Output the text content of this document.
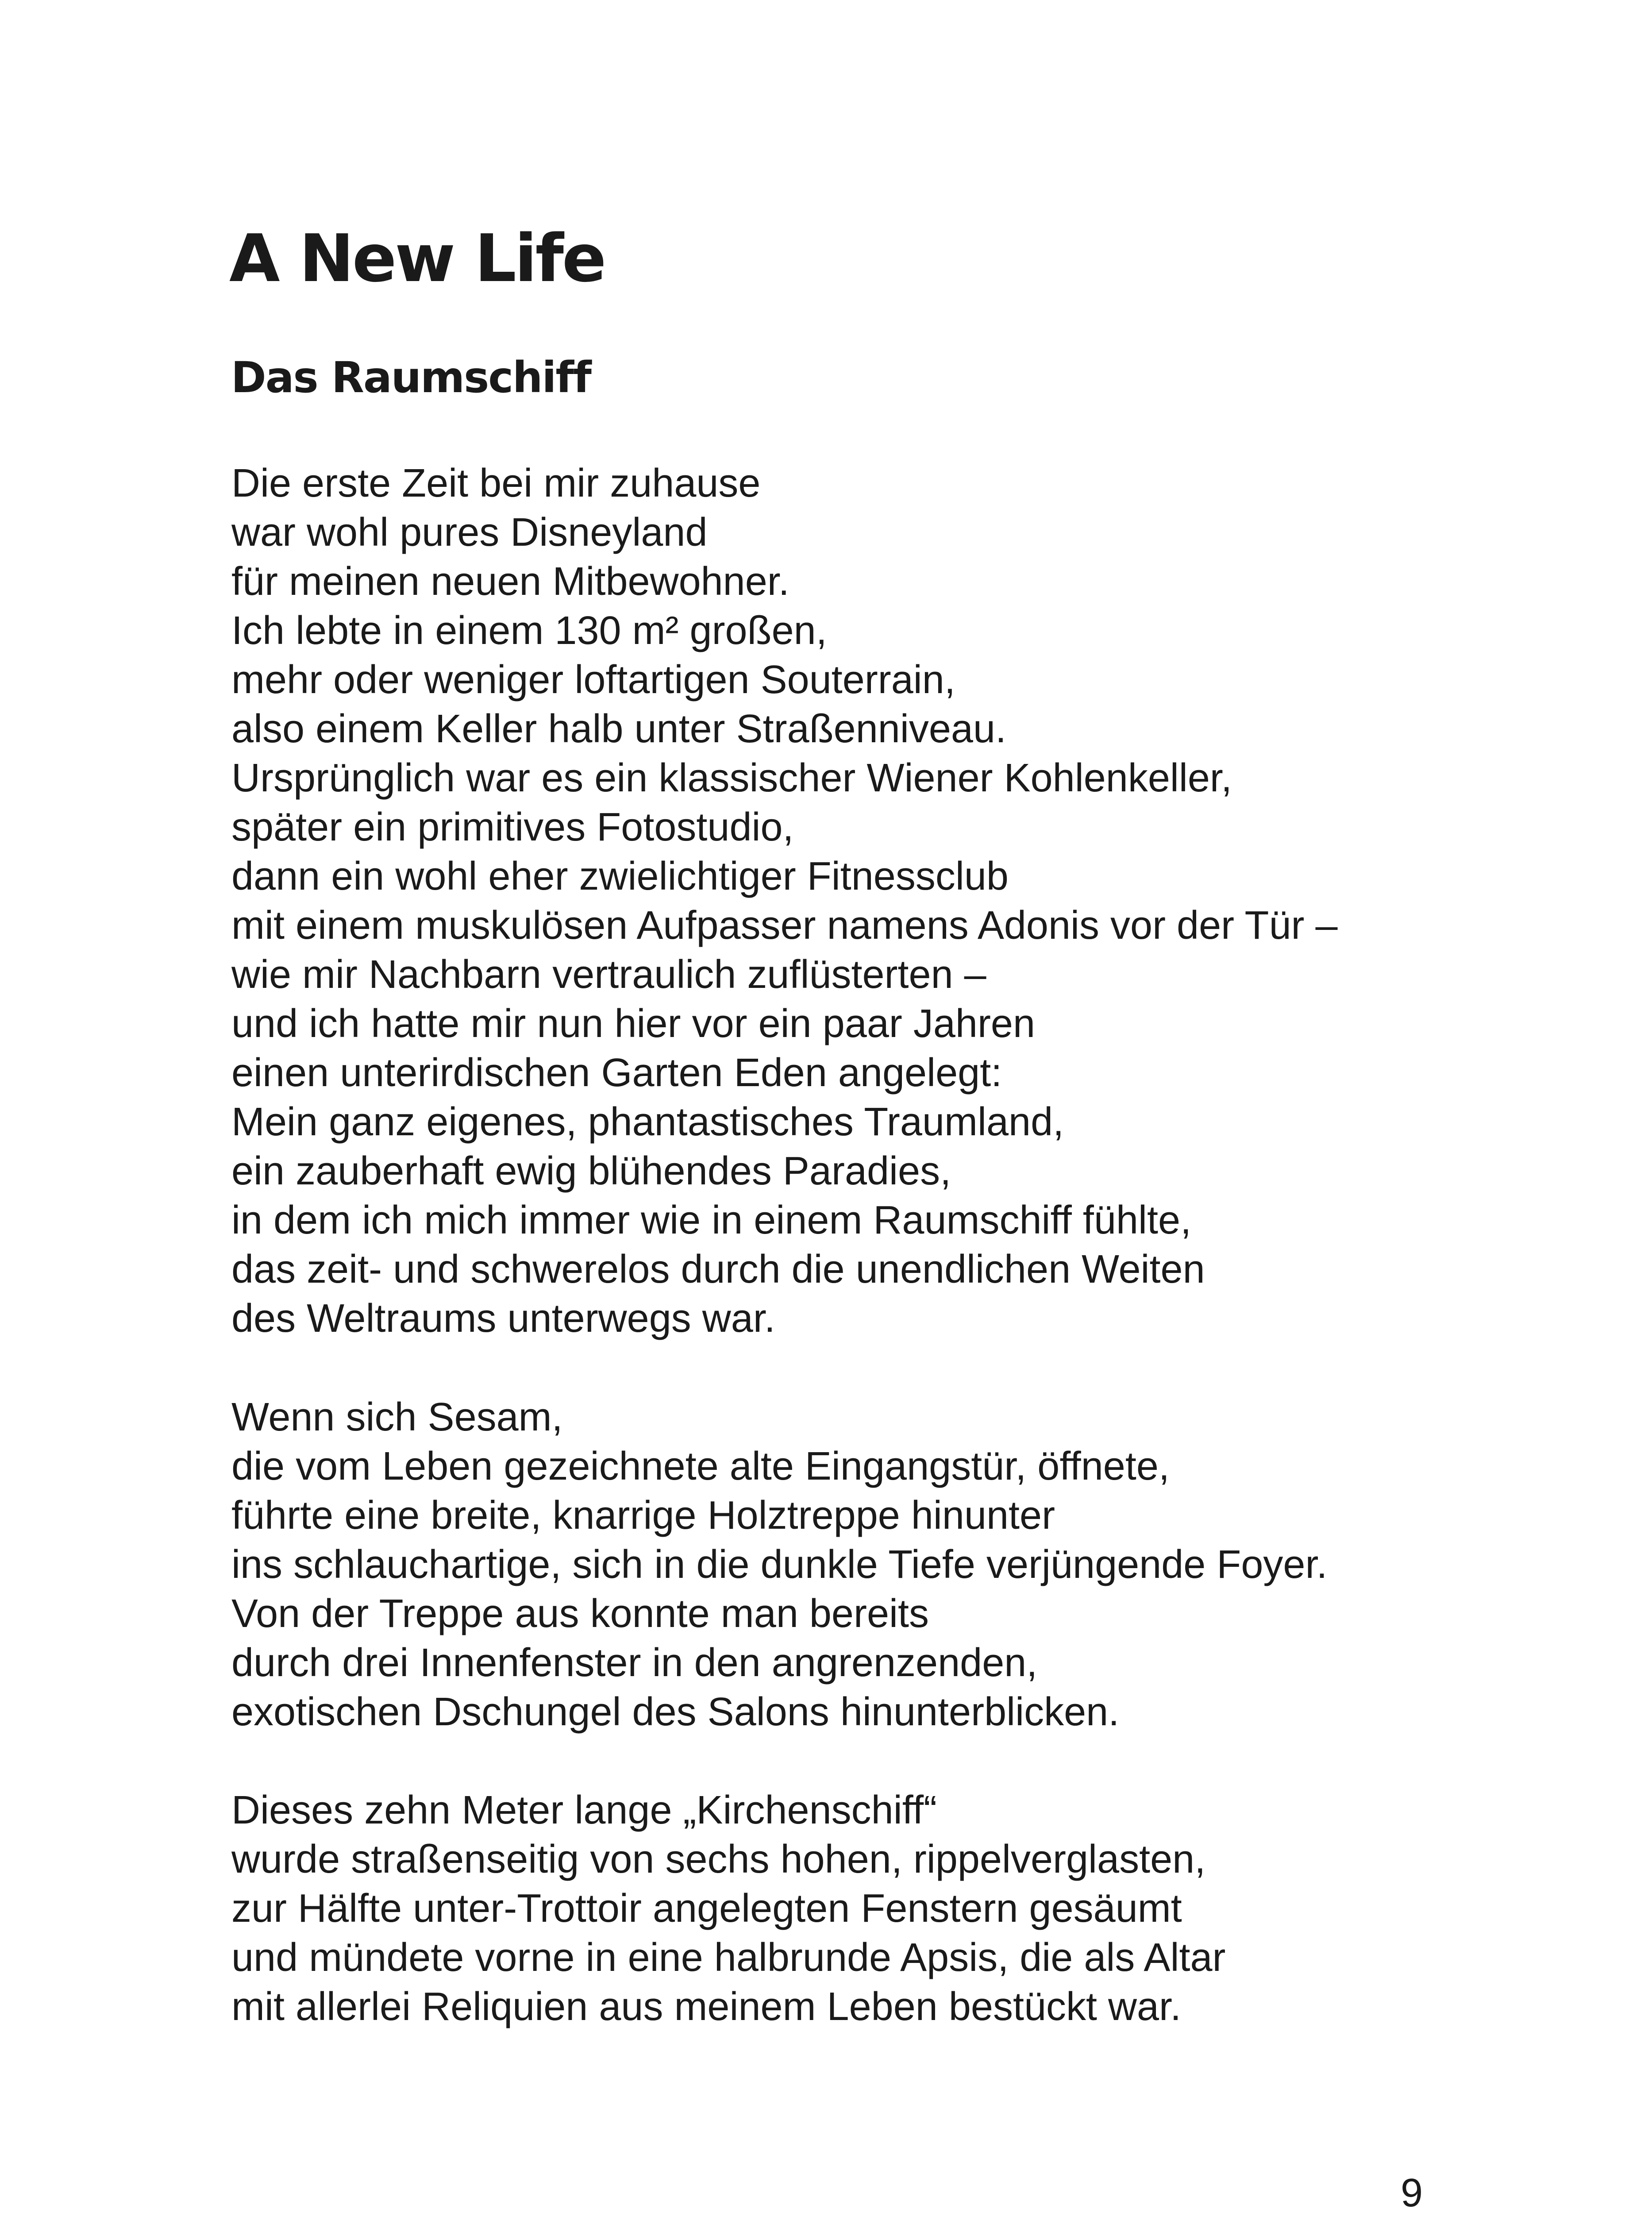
A New Life
Das Raumschiff
Die erste Zeit bei mir zuhause
war wohl pures Disneyland
für meinen neuen Mitbewohner.
Ich lebte in einem 130 m² großen,
mehr oder weniger loftartigen Souterrain,
also einem Keller halb unter Straßenniveau.
Ursprünglich war es ein klassischer Wiener Kohlenkeller,
später ein primitives Fotostudio,
dann ein wohl eher zwielichtiger Fitnessclub
mit einem muskulösen Aufpasser namens Adonis vor der Tür –
wie mir Nachbarn vertraulich zuflüsterten –
und ich hatte mir nun hier vor ein paar Jahren
einen unterirdischen Garten Eden angelegt:
Mein ganz eigenes, phantastisches Traumland,
ein zauberhaft ewig blühendes Paradies,
in dem ich mich immer wie in einem Raumschiff fühlte,
das zeit- und schwerelos durch die unendlichen Weiten
des Weltraums unterwegs war.
Wenn sich Sesam,
die vom Leben gezeichnete alte Eingangstür, öffnete,
führte eine breite, knarrige Holztreppe hinunter
ins schlauchartige, sich in die dunkle Tiefe verjüngende Foyer.
Von der Treppe aus konnte man bereits
durch drei Innenfenster in den angrenzenden,
exotischen Dschungel des Salons hinunterblicken.
Dieses zehn Meter lange „Kirchenschiff“
wurde straßenseitig von sechs hohen, rippelverglasten,
zur Hälfte unter-Trottoir angelegten Fenstern gesäumt
und mündete vorne in eine halbrunde Apsis, die als Altar
mit allerlei Reliquien aus meinem Leben bestückt war.

9
